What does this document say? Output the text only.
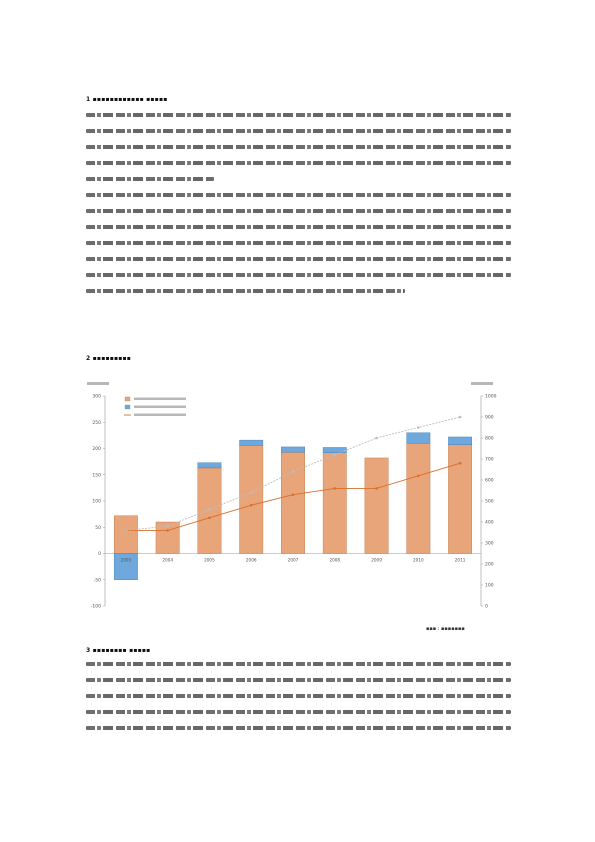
1 ▪▪▪▪▪▪▪▪▪▪▪▪ ▪▪▪▪▪
2 ▪▪▪▪▪▪▪▪▪
-100
-50
0
50
100
150
200
250
300
0
100
200
300
400
500
600
700
800
900
1000
2003	2004	2005	2006	2007	2008	2009	2010	2011
▪▪▪ : ▪▪▪▪▪▪▪
3 ▪▪▪▪▪▪▪▪ ▪▪▪▪▪
